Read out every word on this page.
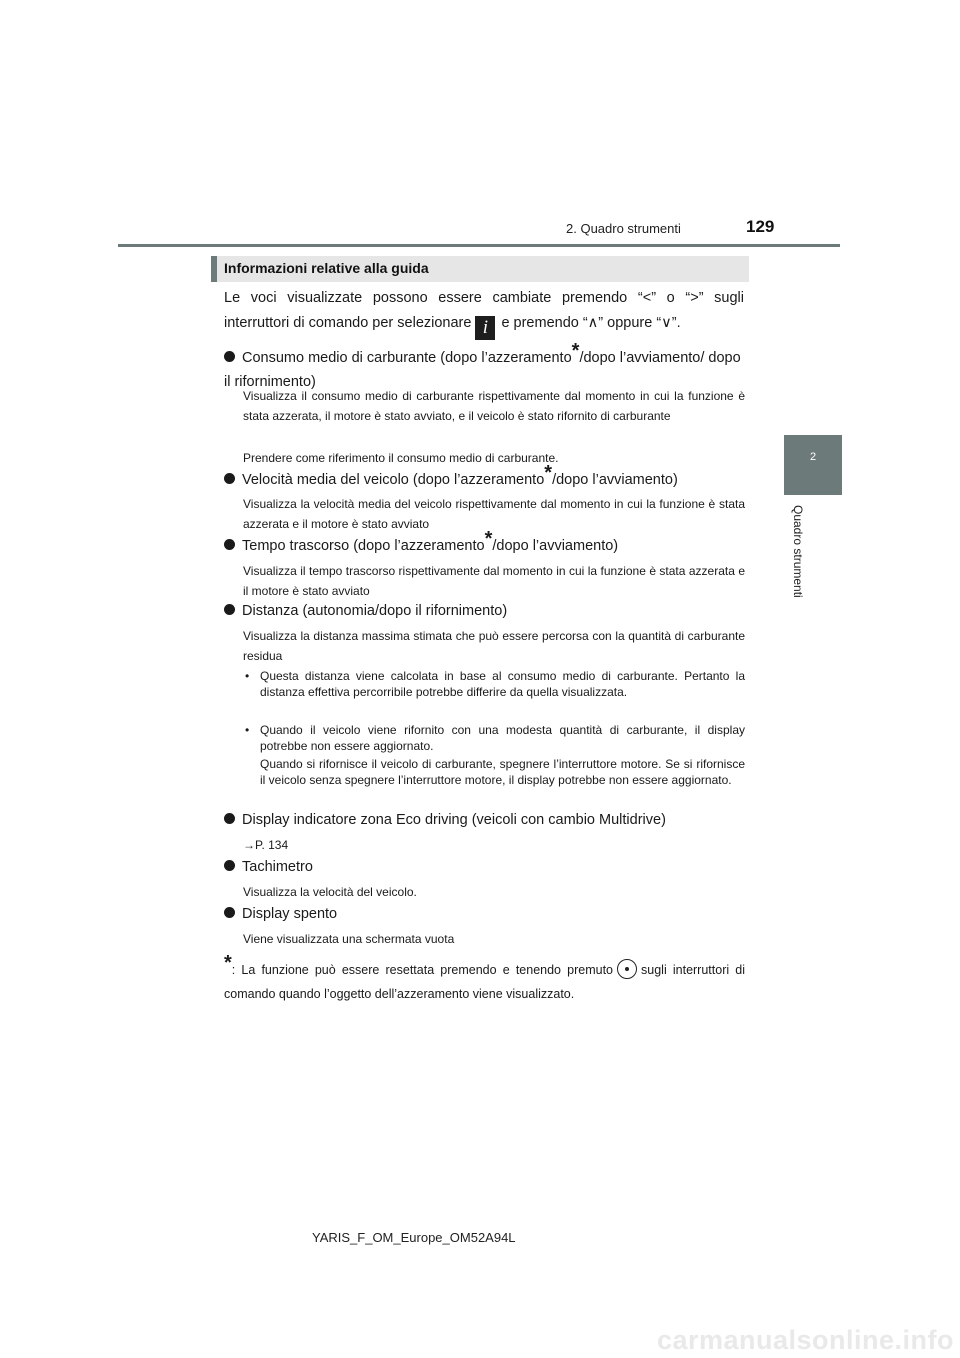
2. Quadro strumenti	129
2
Quadro strumenti
Informazioni relative alla guida
Le voci visualizzate possono essere cambiate premendo “<” o “>” sugli interruttori di comando per selezionare i e premendo “∧” oppure “∨”.
Consumo medio di carburante (dopo l’azzeramento*/dopo l’avviamento/ dopo il rifornimento)
Visualizza il consumo medio di carburante rispettivamente dal momento in cui la funzione è stata azzerata, il motore è stato avviato, e il veicolo è stato rifornito di carburante
Prendere come riferimento il consumo medio di carburante.
Velocità media del veicolo (dopo l’azzeramento*/dopo l’avviamento)
Visualizza la velocità media del veicolo rispettivamente dal momento in cui la funzione è stata azzerata e il motore è stato avviato
Tempo trascorso (dopo l’azzeramento*/dopo l’avviamento)
Visualizza il tempo trascorso rispettivamente dal momento in cui la funzione è stata azzerata e il motore è stato avviato
Distanza (autonomia/dopo il rifornimento)
Visualizza la distanza massima stimata che può essere percorsa con la quantità di carburante residua
• Questa distanza viene calcolata in base al consumo medio di carburante. Pertanto la distanza effettiva percorribile potrebbe differire da quella visualizzata.
• Quando il veicolo viene rifornito con una modesta quantità di carburante, il display potrebbe non essere aggiornato.
Quando si rifornisce il veicolo di carburante, spegnere l’interruttore motore. Se si rifornisce il veicolo senza spegnere l’interruttore motore, il display potrebbe non essere aggiornato.
Display indicatore zona Eco driving (veicoli con cambio Multidrive)
→P. 134
Tachimetro
Visualizza la velocità del veicolo.
Display spento
Viene visualizzata una schermata vuota
*: La funzione può essere resettata premendo e tenendo premuto sugli interruttori di comando quando l’oggetto dell’azzeramento viene visualizzato.
YARIS_F_OM_Europe_OM52A94L
carmanualsonline.info
